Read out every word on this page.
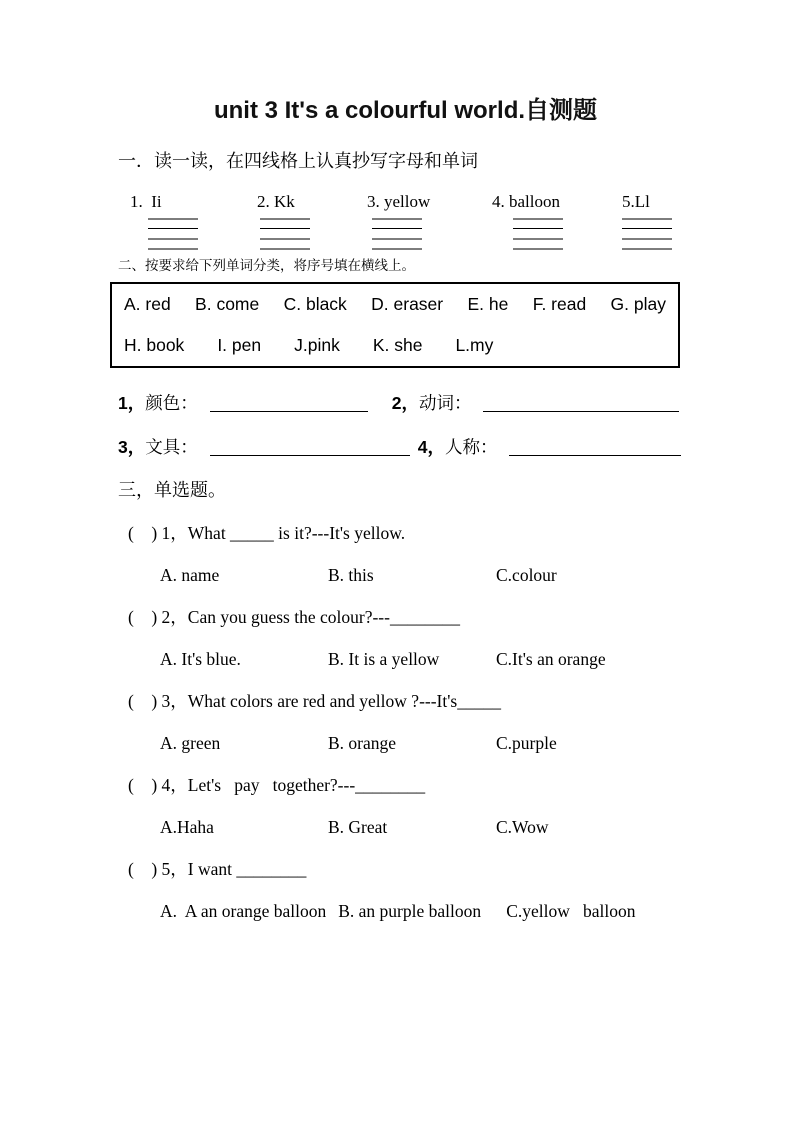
unit 3 It's a colourful world.自测题
一．读一读，在四线格上认真抄写字母和单词
1.  Ii	2. Kk	3. yellow	4. balloon	5.Ll
二、按要求给下列单词分类，将序号填在横线上。
A. red B. come C. black D. eraser E. he F. read G. play
H. book I. pen J.pink K. she L.my
1，颜色：	2，动词：
3，文具：	4，人称：
三，单选题。
(    ) 1，What _____ is it?---It's yellow.
A. name	B. this	C.colour
(    ) 2，Can you guess the colour?---________
A. It's blue.	B. It is a yellow	C.It's an orange
(    ) 3，What colors are red and yellow ?---It's_____
A. green	B. orange	C.purple
(    ) 4，Let's   pay   together?---________
A.Haha	B. Great	C.Wow
(    ) 5，I want ________
A.  A an orange balloon B. an purple balloon	C.yellow   balloon
